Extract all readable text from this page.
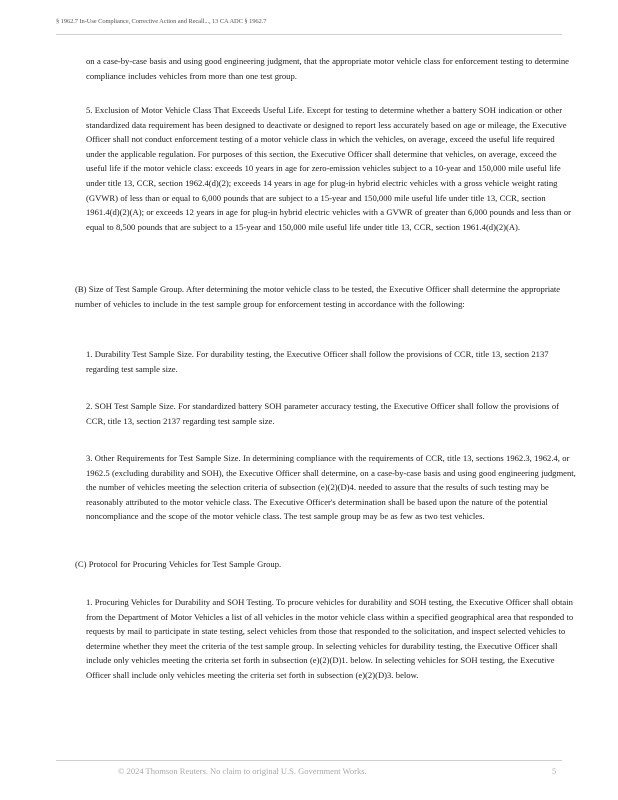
§ 1962.7 In-Use Compliance, Corrective Action and Recall..., 13 CA ADC § 1962.7

on a case-by-case basis and using good engineering judgment, that the appropriate motor vehicle class for enforcement testing to determine compliance includes vehicles from more than one test group.

5. Exclusion of Motor Vehicle Class That Exceeds Useful Life. Except for testing to determine whether a battery SOH indication or other standardized data requirement has been designed to deactivate or designed to report less accurately based on age or mileage, the Executive Officer shall not conduct enforcement testing of a motor vehicle class in which the vehicles, on average, exceed the useful life required under the applicable regulation. For purposes of this section, the Executive Officer shall determine that vehicles, on average, exceed the useful life if the motor vehicle class: exceeds 10 years in age for zero-emission vehicles subject to a 10-year and 150,000 mile useful life under title 13, CCR, section 1962.4(d)(2); exceeds 14 years in age for plug-in hybrid electric vehicles with a gross vehicle weight rating (GVWR) of less than or equal to 6,000 pounds that are subject to a 15-year and 150,000 mile useful life under title 13, CCR, section 1961.4(d)(2)(A); or exceeds 12 years in age for plug-in hybrid electric vehicles with a GVWR of greater than 6,000 pounds and less than or equal to 8,500 pounds that are subject to a 15-year and 150,000 mile useful life under title 13, CCR, section 1961.4(d)(2)(A).

(B) Size of Test Sample Group. After determining the motor vehicle class to be tested, the Executive Officer shall determine the appropriate number of vehicles to include in the test sample group for enforcement testing in accordance with the following:

1. Durability Test Sample Size. For durability testing, the Executive Officer shall follow the provisions of CCR, title 13, section 2137 regarding test sample size.

2. SOH Test Sample Size. For standardized battery SOH parameter accuracy testing, the Executive Officer shall follow the provisions of CCR, title 13, section 2137 regarding test sample size.

3. Other Requirements for Test Sample Size. In determining compliance with the requirements of CCR, title 13, sections 1962.3, 1962.4, or 1962.5 (excluding durability and SOH), the Executive Officer shall determine, on a case-by-case basis and using good engineering judgment, the number of vehicles meeting the selection criteria of subsection (e)(2)(D)4. needed to assure that the results of such testing may be reasonably attributed to the motor vehicle class. The Executive Officer's determination shall be based upon the nature of the potential noncompliance and the scope of the motor vehicle class. The test sample group may be as few as two test vehicles.

(C) Protocol for Procuring Vehicles for Test Sample Group.

1. Procuring Vehicles for Durability and SOH Testing. To procure vehicles for durability and SOH testing, the Executive Officer shall obtain from the Department of Motor Vehicles a list of all vehicles in the motor vehicle class within a specified geographical area that responded to requests by mail to participate in state testing, select vehicles from those that responded to the solicitation, and inspect selected vehicles to determine whether they meet the criteria of the test sample group. In selecting vehicles for durability testing, the Executive Officer shall include only vehicles meeting the criteria set forth in subsection (e)(2)(D)1. below. In selecting vehicles for SOH testing, the Executive Officer shall include only vehicles meeting the criteria set forth in subsection (e)(2)(D)3. below.

© 2024 Thomson Reuters. No claim to original U.S. Government Works.	5
